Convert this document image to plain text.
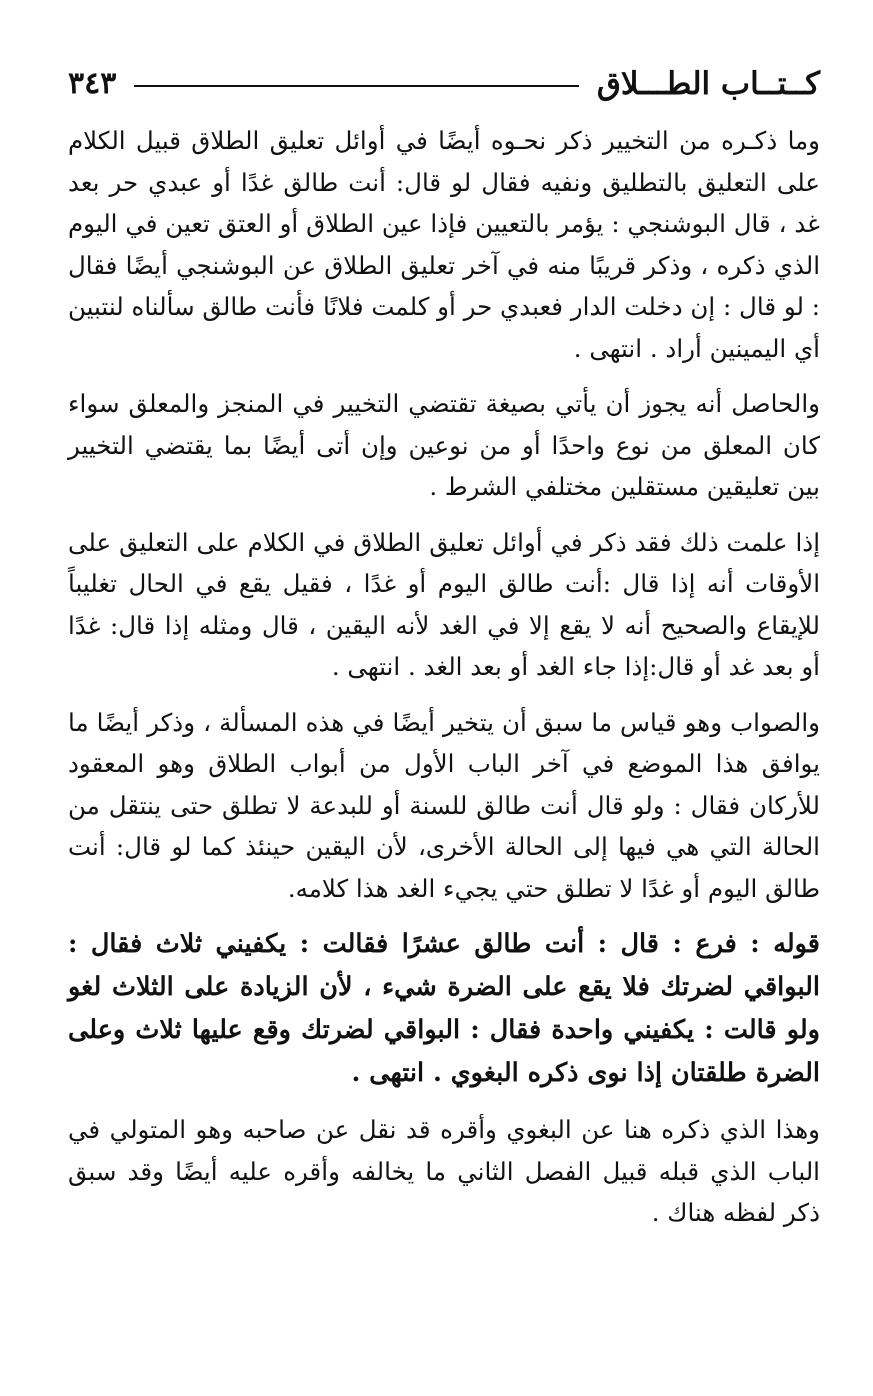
كــتــاب الطـــلاق
٣٤٣

وما ذكـره من التخيير ذكر نحـوه أيضًا في أوائل تعليق الطلاق قبيل الكلام على التعليق بالتطليق ونفيه فقال لو قال: أنت طالق غدًا أو عبدي حر بعد غد ، قال البوشنجي : يؤمر بالتعيين فإذا عين الطلاق أو العتق تعين في اليوم الذي ذكره ، وذكر قريبًا منه في آخر تعليق الطلاق عن البوشنجي أيضًا فقال : لو قال : إن دخلت الدار فعبدي حر أو كلمت فلانًا فأنت طالق سألناه لنتبين أي اليمينين أراد . انتهى .

والحاصل أنه يجوز أن يأتي بصيغة تقتضي التخيير في المنجز والمعلق سواء كان المعلق من نوع واحدًا أو من نوعين وإن أتى أيضًا بما يقتضي التخيير بين تعليقين مستقلين مختلفي الشرط .

إذا علمت ذلك فقد ذكر في أوائل تعليق الطلاق في الكلام على التعليق على الأوقات أنه إذا قال :أنت طالق اليوم أو غدًا ، فقيل يقع في الحال تغليباً للإيقاع والصحيح أنه لا يقع إلا في الغد لأنه اليقين ، قال ومثله إذا قال: غدًا أو بعد غد أو قال:إذا جاء الغد أو بعد الغد . انتهى .

والصواب وهو قياس ما سبق أن يتخير أيضًا في هذه المسألة ، وذكر أيضًا ما يوافق هذا الموضع في آخر الباب الأول من أبواب الطلاق وهو المعقود للأركان فقال : ولو قال أنت طالق للسنة أو للبدعة لا تطلق حتى ينتقل من الحالة التي هي فيها إلى الحالة الأخرى، لأن اليقين حينئذ كما لو قال: أنت طالق اليوم أو غدًا لا تطلق حتي يجيء الغد هذا كلامه.

قوله : فرع : قال : أنت طالق عشرًا فقالت : يكفيني ثلاث فقال : البواقي لضرتك فلا يقع على الضرة شيء ، لأن الزيادة على الثلاث لغو ولو قالت : يكفيني واحدة فقال : البواقي لضرتك وقع عليها ثلاث وعلى الضرة طلقتان إذا نوى ذكره البغوي . انتهى .

وهذا الذي ذكره هنا عن البغوي وأقره قد نقل عن صاحبه وهو المتولي في الباب الذي قبله قبيل الفصل الثاني ما يخالفه وأقره عليه أيضًا وقد سبق ذكر لفظه هناك .
